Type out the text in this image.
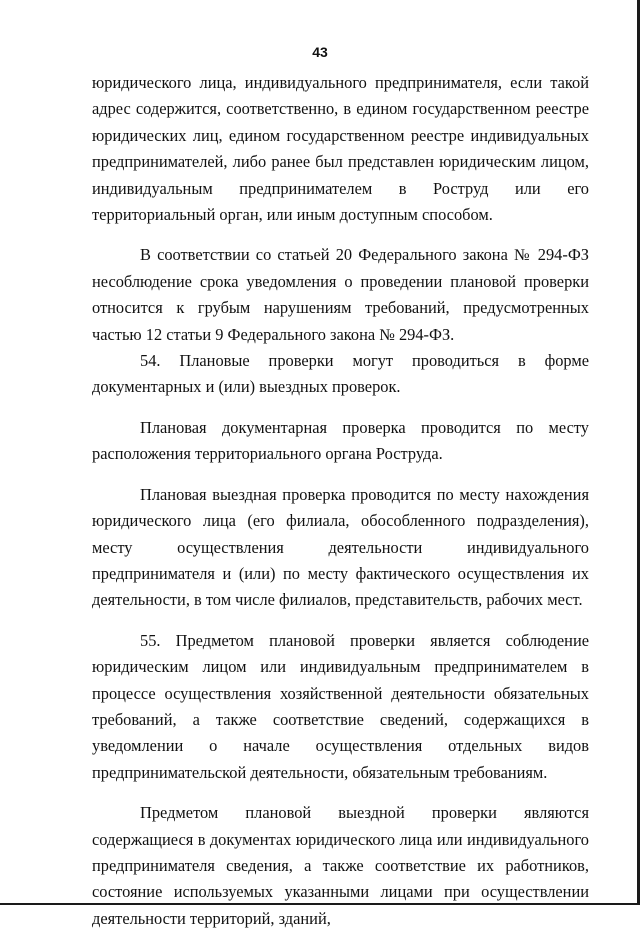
43

юридического лица, индивидуального предпринимателя, если такой адрес содержится, соответственно, в едином государственном реестре юридических лиц, едином государственном реестре индивидуальных предпринимателей, либо ранее был представлен юридическим лицом, индивидуальным предпринимателем в Роструд или его территориальный орган, или иным доступным способом.

В соответствии со статьей 20 Федерального закона № 294-ФЗ несоблюдение срока уведомления о проведении плановой проверки относится к грубым нарушениям требований, предусмотренных частью 12 статьи 9 Федерального закона № 294-ФЗ.

54. Плановые проверки могут проводиться в форме документарных и (или) выездных проверок.

Плановая документарная проверка проводится по месту расположения территориального органа Роструда.

Плановая выездная проверка проводится по месту нахождения юридического лица (его филиала, обособленного подразделения), месту осуществления деятельности индивидуального предпринимателя и (или) по месту фактического осуществления их деятельности, в том числе филиалов, представительств, рабочих мест.

55. Предметом плановой проверки является соблюдение юридическим лицом или индивидуальным предпринимателем в процессе осуществления хозяйственной деятельности обязательных требований, а также соответствие сведений, содержащихся в уведомлении о начале осуществления отдельных видов предпринимательской деятельности, обязательным требованиям.

Предметом плановой выездной проверки являются содержащиеся в документах юридического лица или индивидуального предпринимателя сведения, а также соответствие их работников, состояние используемых указанными лицами при осуществлении деятельности территорий, зданий,
